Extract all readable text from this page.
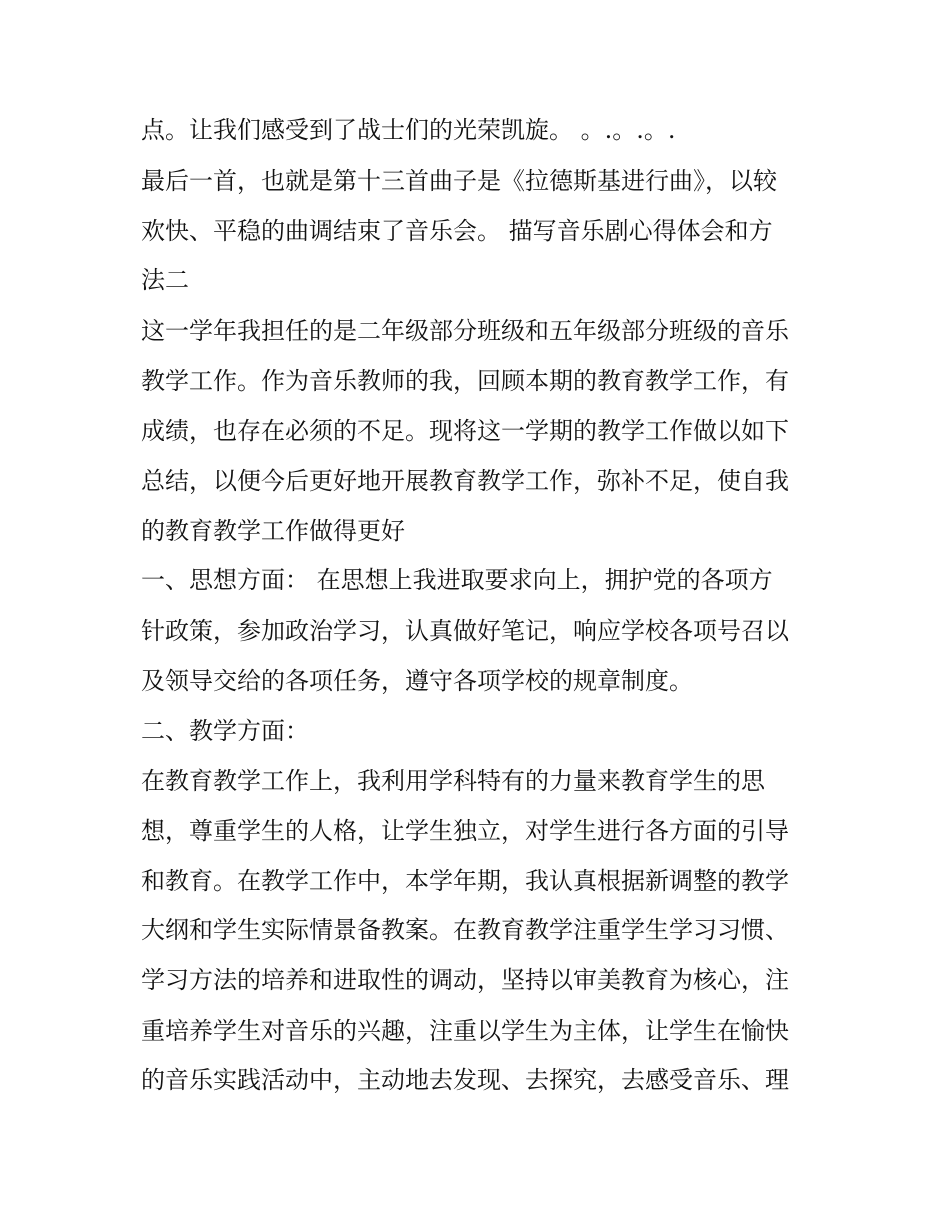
点。让我们感受到了战士们的光荣凯旋。 。.。.。.

最后一首，也就是第十三首曲子是《拉德斯基进行曲》，以较

欢快、平稳的曲调结束了音乐会。 描写音乐剧心得体会和方

法二

这一学年我担任的是二年级部分班级和五年级部分班级的音乐

教学工作。作为音乐教师的我，回顾本期的教育教学工作，有

成绩，也存在必须的不足。现将这一学期的教学工作做以如下

总结，以便今后更好地开展教育教学工作，弥补不足，使自我

的教育教学工作做得更好

一、思想方面： 在思想上我进取要求向上，拥护党的各项方

针政策，参加政治学习，认真做好笔记，响应学校各项号召以

及领导交给的各项任务，遵守各项学校的规章制度。

二、教学方面：

在教育教学工作上，我利用学科特有的力量来教育学生的思

想，尊重学生的人格，让学生独立，对学生进行各方面的引导

和教育。在教学工作中，本学年期，我认真根据新调整的教学

大纲和学生实际情景备教案。在教育教学注重学生学习习惯、

学习方法的培养和进取性的调动，坚持以审美教育为核心，注

重培养学生对音乐的兴趣，注重以学生为主体，让学生在愉快

的音乐实践活动中，主动地去发现、去探究，去感受音乐、理
